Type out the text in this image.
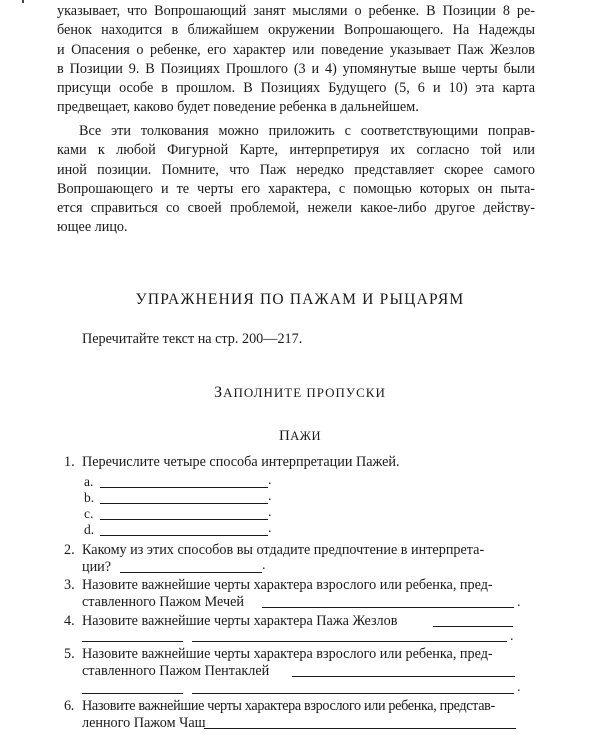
указывает, что Вопрошающий занят мыслями о ребенке. В Позиции 8 ре-
бенок находится в ближайшем окружении Вопрошающего. На Надежды
и Опасения о ребенке, его характер или поведение указывает Паж Жезлов
в Позиции 9. В Позициях Прошлого (3 и 4) упомянутые выше черты были
присущи особе в прошлом. В Позициях Будущего (5, 6 и 10) эта карта
предвещает, каково будет поведение ребенка в дальнейшем.
Все эти толкования можно приложить с соответствующими поправ-
ками к любой Фигурной Карте, интерпретируя их согласно той или
иной позиции. Помните, что Паж нередко представляет скорее самого
Вопрошающего и те черты его характера, с помощью которых он пыта-
ется справиться со своей проблемой, нежели какое-либо другое действу-
ющее лицо.
УПРАЖНЕНИЯ ПО ПАЖАМ И РЫЦАРЯМ
Перечитайте текст на стр. 200—217.
ЗАПОЛНИТЕ ПРОПУСКИ
ПАЖИ
1. Перечислите четыре способа интерпретации Пажей.
a.	.
b.	.
c.	.
d.	.
2. Какому из этих способов вы отдадите предпочтение в интерпрета-
ции?	.
3. Назовите важнейшие черты характера взрослого или ребенка, пред-
ставленного Пажом Мечей	.
4. Назовите важнейшие черты характера Пажа Жезлов
.
5. Назовите важнейшие черты характера взрослого или ребенка, пред-
ставленного Пажом Пентаклей
.
6. Назовите важнейшие черты характера взрослого или ребенка, представ-
ленного Пажом Чаш
